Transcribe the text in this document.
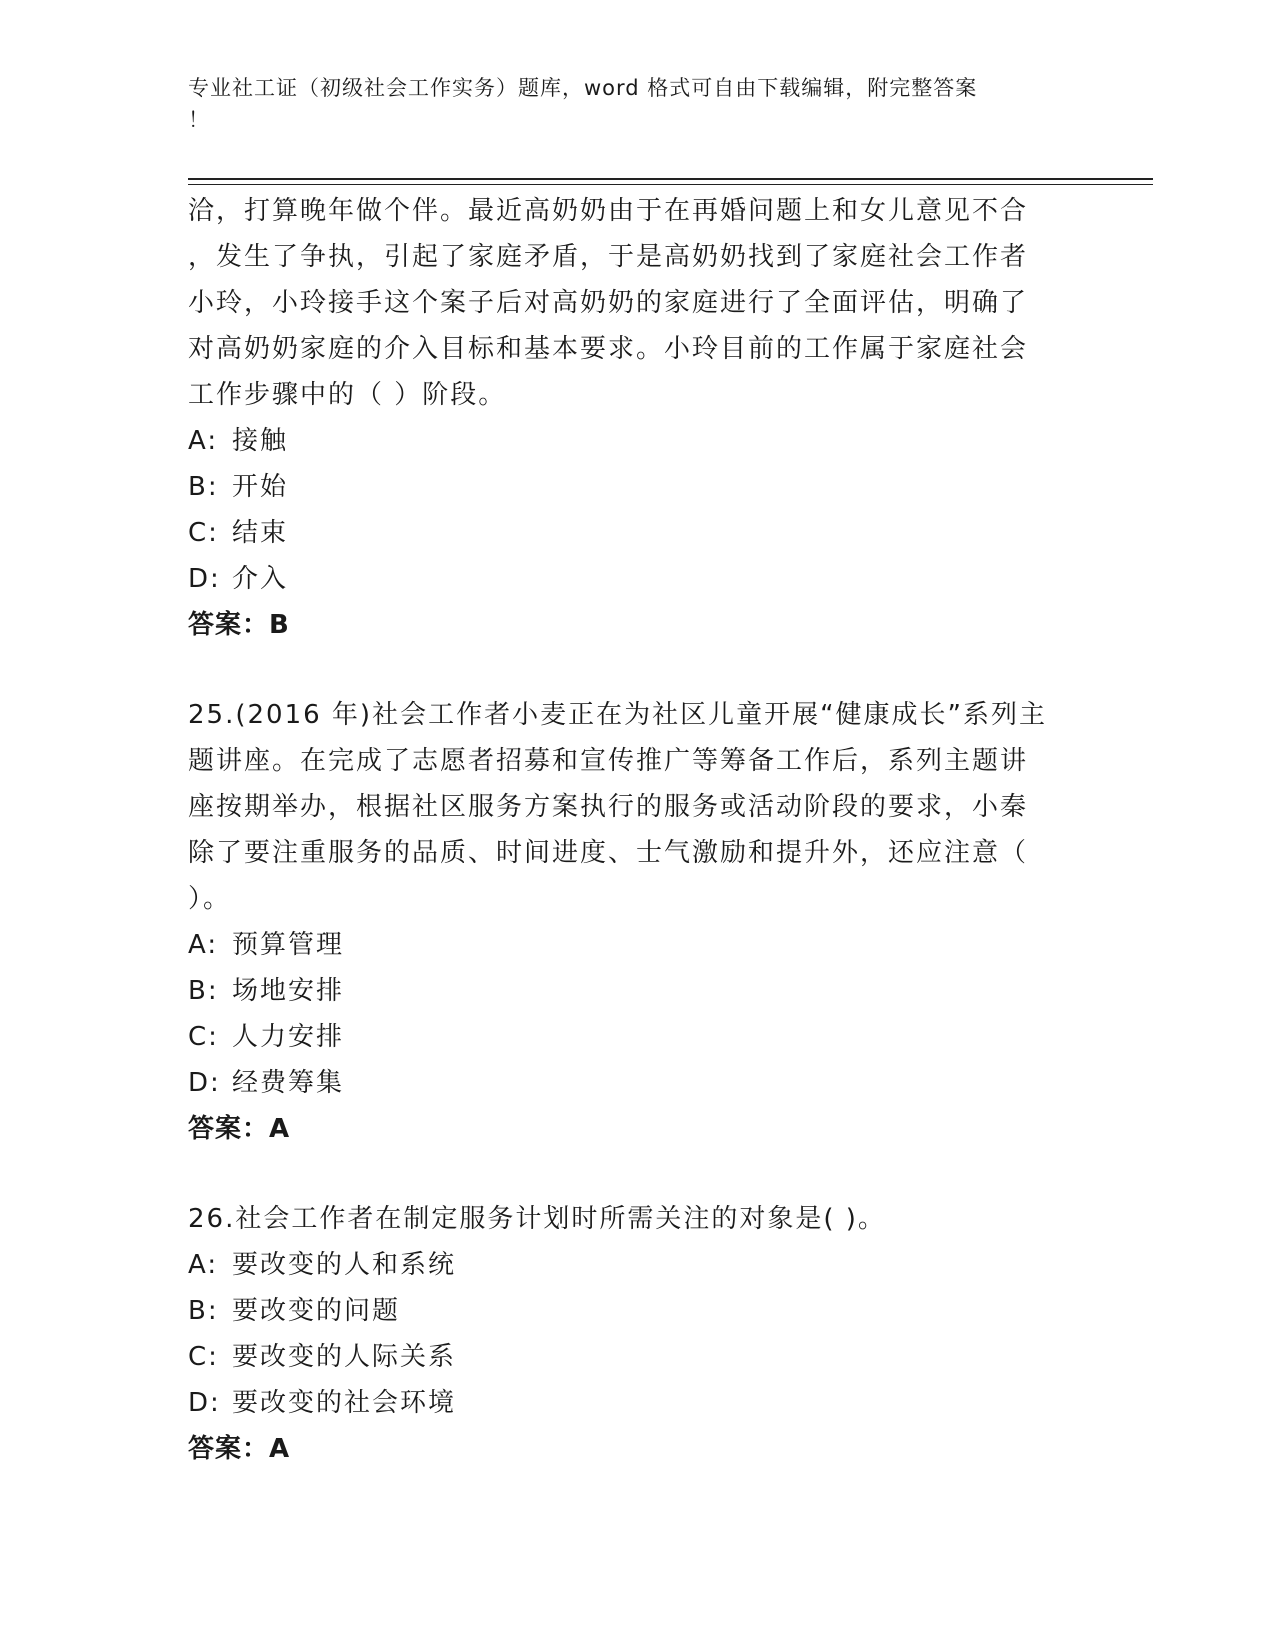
专业社工证（初级社会工作实务）题库，word 格式可自由下载编辑，附完整答案
！
洽，打算晚年做个伴。最近高奶奶由于在再婚问题上和女儿意见不合
，发生了争执，引起了家庭矛盾，于是高奶奶找到了家庭社会工作者
小玲，小玲接手这个案子后对高奶奶的家庭进行了全面评估，明确了
对高奶奶家庭的介入目标和基本要求。小玲目前的工作属于家庭社会
工作步骤中的（ ）阶段。
A: 接触
B: 开始
C: 结束
D: 介入
答案：B
25.(2016 年)社会工作者小麦正在为社区儿童开展“健康成长”系列主
题讲座。在完成了志愿者招募和宣传推广等筹备工作后，系列主题讲
座按期举办，根据社区服务方案执行的服务或活动阶段的要求，小秦
除了要注重服务的品质、时间进度、士气激励和提升外，还应注意（
）。
A: 预算管理
B: 场地安排
C: 人力安排
D: 经费筹集
答案：A
26.社会工作者在制定服务计划时所需关注的对象是( )。
A: 要改变的人和系统
B: 要改变的问题
C: 要改变的人际关系
D: 要改变的社会环境
答案：A
